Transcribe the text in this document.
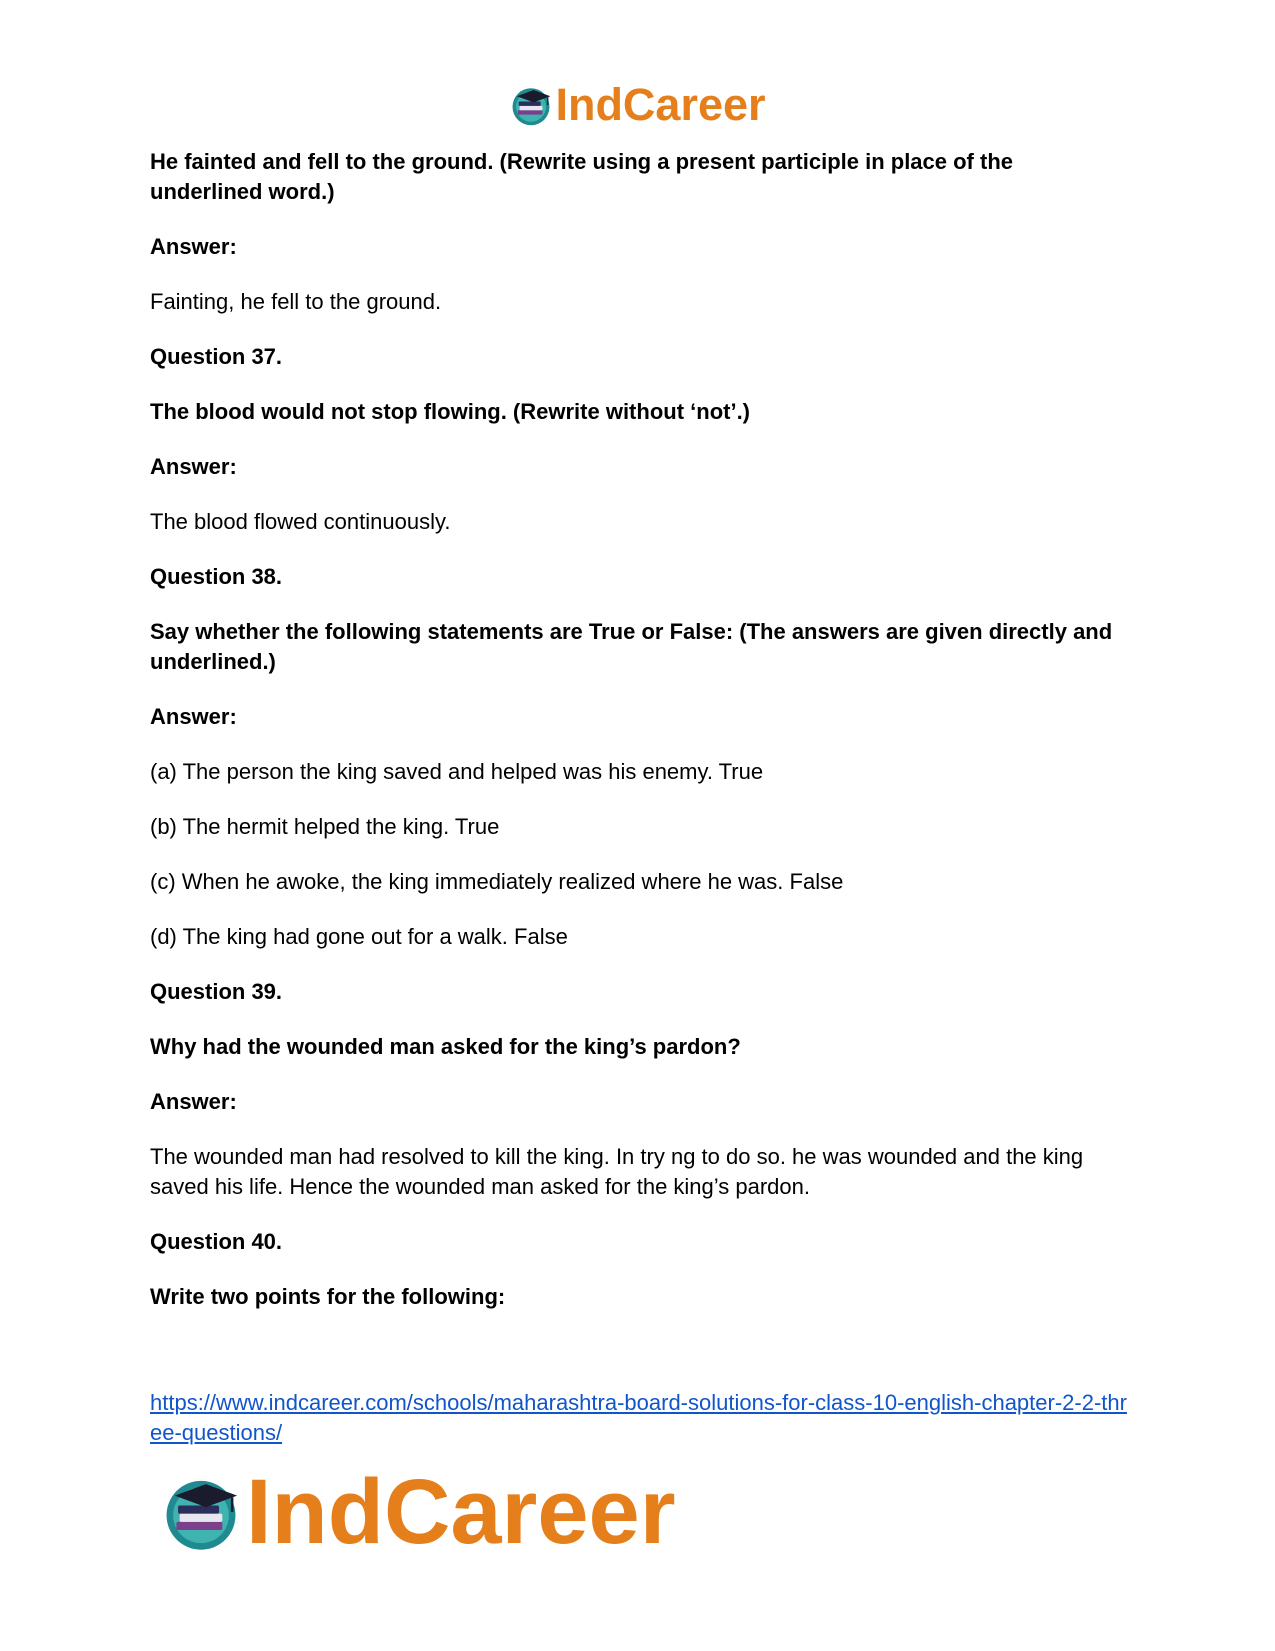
IndCareer

He fainted and fell to the ground. (Rewrite using a present participle in place of the underlined word.)

Answer:

Fainting, he fell to the ground.

Question 37.

The blood would not stop flowing. (Rewrite without ‘not’.)

Answer:

The blood flowed continuously.

Question 38.

Say whether the following statements are True or False: (The answers are given directly and underlined.)

Answer:

(a) The person the king saved and helped was his enemy. True

(b) The hermit helped the king. True

(c) When he awoke, the king immediately realized where he was. False

(d) The king had gone out for a walk. False

Question 39.

Why had the wounded man asked for the king’s pardon?

Answer:

The wounded man had resolved to kill the king. In try ng to do so. he was wounded and the king saved his life. Hence the wounded man asked for the king’s pardon.

Question 40.

Write two points for the following:

https://www.indcareer.com/schools/maharashtra-board-solutions-for-class-10-english-chapter-2-2-three-questions/
IndCareer
